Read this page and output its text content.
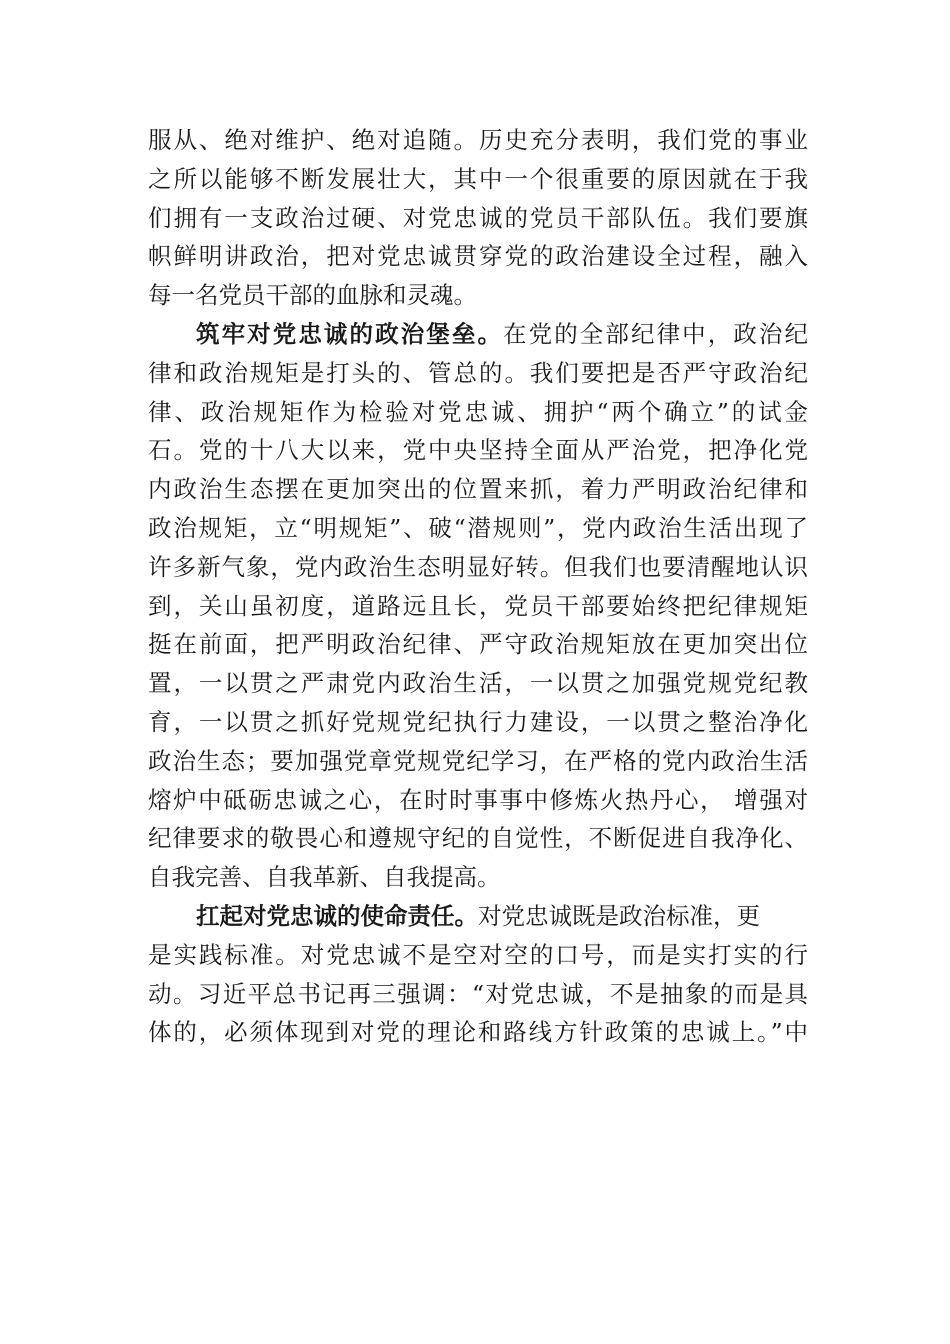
服从、绝对维护、绝对追随。历史充分表明，我们党的事业
之所以能够不断发展壮大，其中一个很重要的原因就在于我
们拥有一支政治过硬、对党忠诚的党员干部队伍。我们要旗
帜鲜明讲政治，把对党忠诚贯穿党的政治建设全过程，融入
每一名党员干部的血脉和灵魂。
筑牢对党忠诚的政治堡垒。在党的全部纪律中，政治纪
律和政治规矩是打头的、管总的。我们要把是否严守政治纪
律、政治规矩作为检验对党忠诚、拥护“两个确立”的试金
石。党的十八大以来，党中央坚持全面从严治党，把净化党
内政治生态摆在更加突出的位置来抓，着力严明政治纪律和
政治规矩，立“明规矩”、破“潜规则”，党内政治生活出现了
许多新气象，党内政治生态明显好转。但我们也要清醒地认识
到，关山虽初度，道路远且长，党员干部要始终把纪律规矩
挺在前面，把严明政治纪律、严守政治规矩放在更加突出位
置，一以贯之严肃党内政治生活，一以贯之加强党规党纪教
育，一以贯之抓好党规党纪执行力建设，一以贯之整治净化
政治生态；要加强党章党规党纪学习，在严格的党内政治生活
熔炉中砥砺忠诚之心，在时时事事中修炼火热丹心， 增强对
纪律要求的敬畏心和遵规守纪的自觉性，不断促进自我净化、
自我完善、自我革新、自我提高。
扛起对党忠诚的使命责任。对党忠诚既是政治标准，更
是实践标准。对党忠诚不是空对空的口号，而是实打实的行
动。习近平总书记再三强调：“对党忠诚，不是抽象的而是具
体的，必须体现到对党的理论和路线方针政策的忠诚上。”中
